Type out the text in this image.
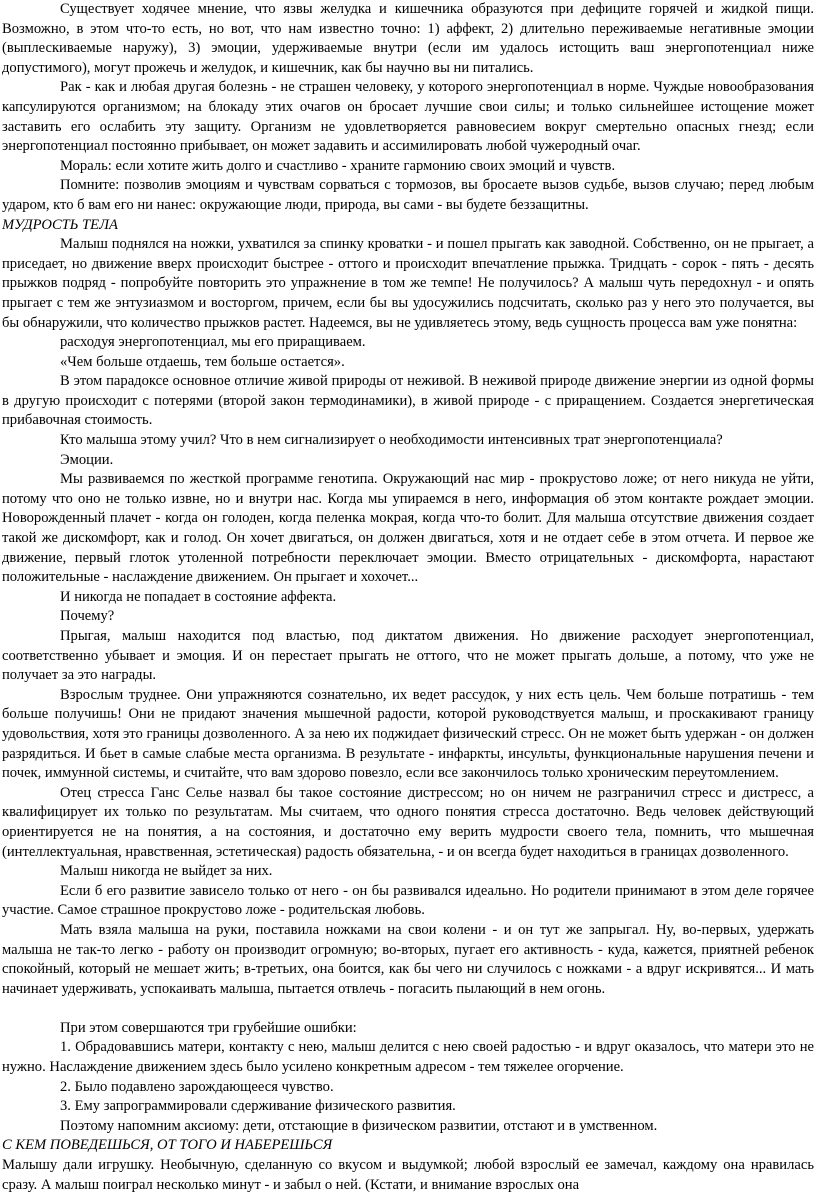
Существует ходячее мнение, что язвы желудка и кишечника образуются при дефиците горячей и жидкой пищи. Возможно, в этом что-то есть, но вот, что нам известно точно: 1) аффект, 2) длительно переживаемые негативные эмоции (выплескиваемые наружу), 3) эмоции, удерживаемые внутри (если им удалось истощить ваш энергопотенциал ниже допустимого), могут прожечь и желудок, и кишечник, как бы научно вы ни питались.

Рак - как и любая другая болезнь - не страшен человеку, у которого энергопотенциал в норме. Чуждые новообразования капсулируются организмом; на блокаду этих очагов он бросает лучшие свои силы; и только сильнейшее истощение может заставить его ослабить эту защиту. Организм не удовлетворяется равновесием вокруг смертельно опасных гнезд; если энергопотенциал постоянно прибывает, он может задавить и ассимилировать любой чужеродный очаг.

Мораль: если хотите жить долго и счастливо - храните гармонию своих эмоций и чувств.

Помните: позволив эмоциям и чувствам сорваться с тормозов, вы бросаете вызов судьбе, вызов случаю; перед любым ударом, кто б вам его ни нанес: окружающие люди, природа, вы сами - вы будете беззащитны.

МУДРОСТЬ ТЕЛА

Малыш поднялся на ножки, ухватился за спинку кроватки - и пошел прыгать как заводной. Собственно, он не прыгает, а приседает, но движение вверх происходит быстрее - оттого и происходит впечатление прыжка. Тридцать - сорок - пять - десять прыжков подряд - попробуйте повторить это упражнение в том же темпе! Не получилось? А малыш чуть передохнул - и опять прыгает с тем же энтузиазмом и восторгом, причем, если бы вы удосужились подсчитать, сколько раз у него это получается, вы бы обнаружили, что количество прыжков растет. Надеемся, вы не удивляетесь этому, ведь сущность процесса вам уже понятна:

расходуя энергопотенциал, мы его приращиваем.

«Чем больше отдаешь, тем больше остается».

В этом парадоксе основное отличие живой природы от неживой. В неживой природе движение энергии из одной формы в другую происходит с потерями (второй закон термодинамики), в живой природе - с приращением. Создается энергетическая прибавочная стоимость.

Кто малыша этому учил? Что в нем сигнализирует о необходимости интенсивных трат энергопотенциала?

Эмоции.

Мы развиваемся по жесткой программе генотипа. Окружающий нас мир - прокрустово ложе; от него никуда не уйти, потому что оно не только извне, но и внутри нас. Когда мы упираемся в него, информация об этом контакте рождает эмоции. Новорожденный плачет - когда он голоден, когда пеленка мокрая, когда что-то болит. Для малыша отсутствие движения создает такой же дискомфорт, как и голод. Он хочет двигаться, он должен двигаться, хотя и не отдает себе в этом отчета. И первое же движение, первый глоток утоленной потребности переключает эмоции. Вместо отрицательных - дискомфорта, нарастают положительные - наслаждение движением. Он прыгает и хохочет...

И никогда не попадает в состояние аффекта.

Почему?

Прыгая, малыш находится под властью, под диктатом движения. Но движение расходует энергопотенциал, соответственно убывает и эмоция. И он перестает прыгать не оттого, что не может прыгать дольше, а потому, что уже не получает за это награды.

Взрослым труднее. Они упражняются сознательно, их ведет рассудок, у них есть цель. Чем больше потратишь - тем больше получишь! Они не придают значения мышечной радости, которой руководствуется малыш, и проскакивают границу удовольствия, хотя это границы дозволенного. А за нею их поджидает физический стресс. Он не может быть удержан - он должен разрядиться. И бьет в самые слабые места организма. В результате - инфаркты, инсульты, функциональные нарушения печени и почек, иммунной системы, и считайте, что вам здорово повезло, если все закончилось только хроническим переутомлением.

Отец стресса Ганс Селье назвал бы такое состояние дистрессом; но он ничем не разграничил стресс и дистресс, а квалифицирует их только по результатам. Мы считаем, что одного понятия стресса достаточно. Ведь человек действующий ориентируется не на понятия, а на состояния, и достаточно ему верить мудрости своего тела, помнить, что мышечная (интеллектуальная, нравственная, эстетическая) радость обязательна, - и он всегда будет находиться в границах дозволенного.

Малыш никогда не выйдет за них.

Если б его развитие зависело только от него - он бы развивался идеально. Но родители принимают в этом деле горячее участие. Самое страшное прокрустово ложе - родительская любовь.

Мать взяла малыша на руки, поставила ножками на свои колени - и он тут же запрыгал. Ну, во-первых, удержать малыша не так-то легко - работу он производит огромную; во-вторых, пугает его активность - куда, кажется, приятней ребенок спокойный, который не мешает жить; в-третьих, она боится, как бы чего ни случилось с ножками - а вдруг искривятся... И мать начинает удерживать, успокаивать малыша, пытается отвлечь - погасить пылающий в нем огонь.

При этом совершаются три грубейшие ошибки:

1. Обрадовавшись матери, контакту с нею, малыш делится с нею своей радостью - и вдруг оказалось, что матери это не нужно. Наслаждение движением здесь было усилено конкретным адресом - тем тяжелее огорчение.

2. Было подавлено зарождающееся чувство.

3. Ему запрограммировали сдерживание физического развития.

Поэтому напомним аксиому: дети, отстающие в физическом развитии, отстают и в умственном.

С КЕМ ПОВЕДЕШЬСЯ, ОТ ТОГО И НАБЕРЕШЬСЯ

Малышу дали игрушку. Необычную, сделанную со вкусом и выдумкой; любой взрослый ее замечал, каждому она нравилась сразу. А малыш поиграл несколько минут - и забыл о ней. (Кстати, и внимание взрослых она
